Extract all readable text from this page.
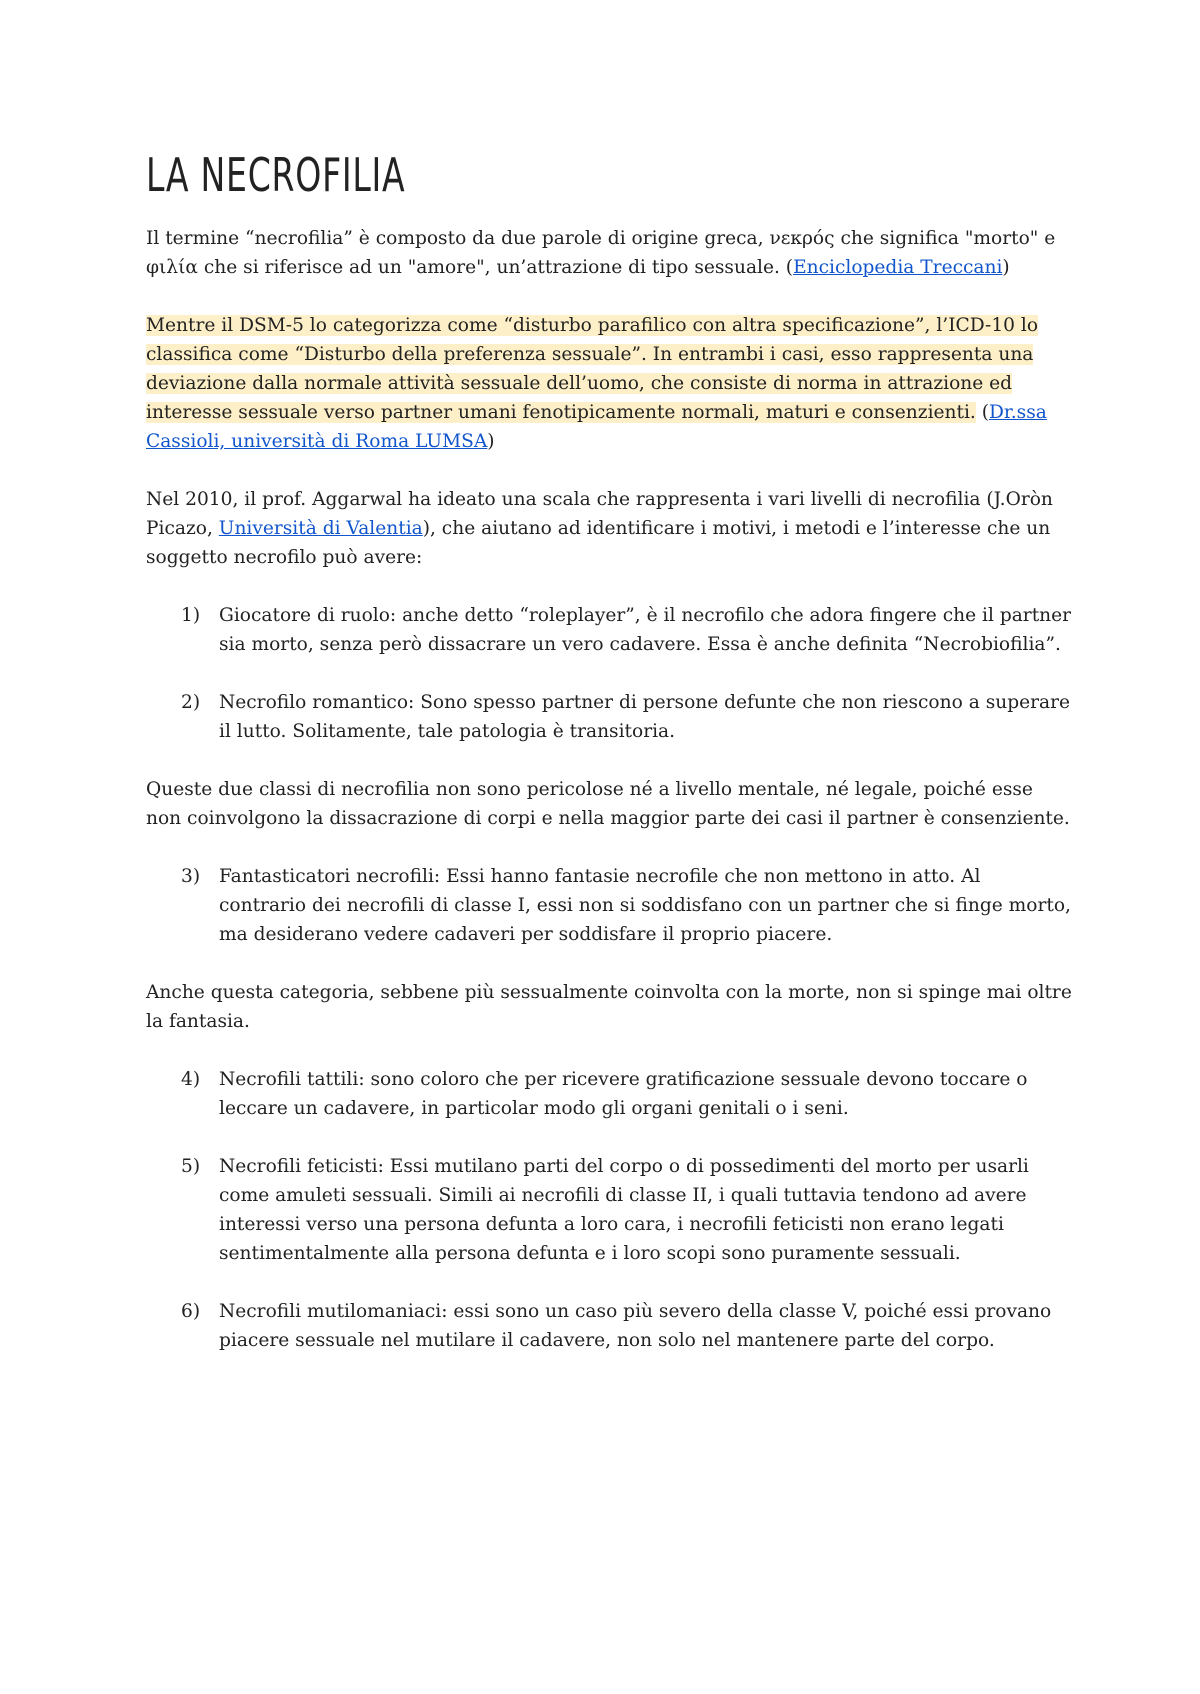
LA NECROFILIA

Il termine “necrofilia” è composto da due parole di origine greca, νεκρός che significa "morto" e φιλία che si riferisce ad un "amore", un’attrazione di tipo sessuale. (Enciclopedia Treccani)

Mentre il DSM-5 lo categorizza come “disturbo parafilico con altra specificazione”, l’ICD-10 lo classifica come “Disturbo della preferenza sessuale”. In entrambi i casi, esso rappresenta una deviazione dalla normale attività sessuale dell’uomo, che consiste di norma in attrazione ed interesse sessuale verso partner umani fenotipicamente normali, maturi e consenzienti. (Dr.ssa Cassioli, università di Roma LUMSA)

Nel 2010, il prof. Aggarwal ha ideato una scala che rappresenta i vari livelli di necrofilia (J.Oròn Picazo, Università di Valentia), che aiutano ad identificare i motivi, i metodi e l’interesse che un soggetto necrofilo può avere:

1) Giocatore di ruolo: anche detto “roleplayer”, è il necrofilo che adora fingere che il partner sia morto, senza però dissacrare un vero cadavere. Essa è anche definita “Necrobiofilia”.
2) Necrofilo romantico: Sono spesso partner di persone defunte che non riescono a superare il lutto. Solitamente, tale patologia è transitoria.

Queste due classi di necrofilia non sono pericolose né a livello mentale, né legale, poiché esse non coinvolgono la dissacrazione di corpi e nella maggior parte dei casi il partner è consenziente.

3) Fantasticatori necrofili: Essi hanno fantasie necrofile che non mettono in atto. Al contrario dei necrofili di classe I, essi non si soddisfano con un partner che si finge morto, ma desiderano vedere cadaveri per soddisfare il proprio piacere.

Anche questa categoria, sebbene più sessualmente coinvolta con la morte, non si spinge mai oltre la fantasia.

4) Necrofili tattili: sono coloro che per ricevere gratificazione sessuale devono toccare o leccare un cadavere, in particolar modo gli organi genitali o i seni.
5) Necrofili feticisti: Essi mutilano parti del corpo o di possedimenti del morto per usarli come amuleti sessuali. Simili ai necrofili di classe II, i quali tuttavia tendono ad avere interessi verso una persona defunta a loro cara, i necrofili feticisti non erano legati sentimentalmente alla persona defunta e i loro scopi sono puramente sessuali.
6) Necrofili mutilomaniaci: essi sono un caso più severo della classe V, poiché essi provano piacere sessuale nel mutilare il cadavere, non solo nel mantenere parte del corpo.
